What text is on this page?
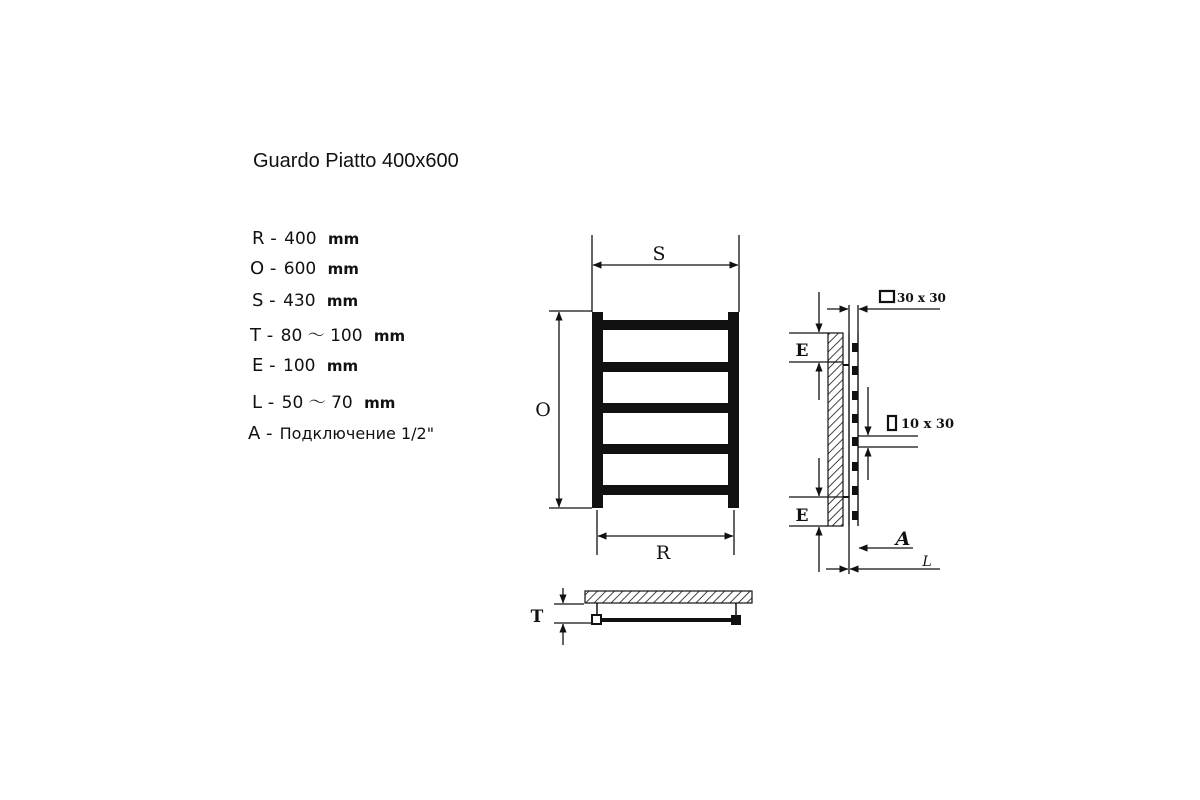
Guardo Piatto 400x600
R - 400 mm
O - 600 mm
S - 430 mm
T - 80 ～ 100 mm
E - 100 mm
L - 50 ～ 70 mm
A - Подключение 1/2"
S
O
R
T
E
E
30 x 30
10 x 30
A
L
